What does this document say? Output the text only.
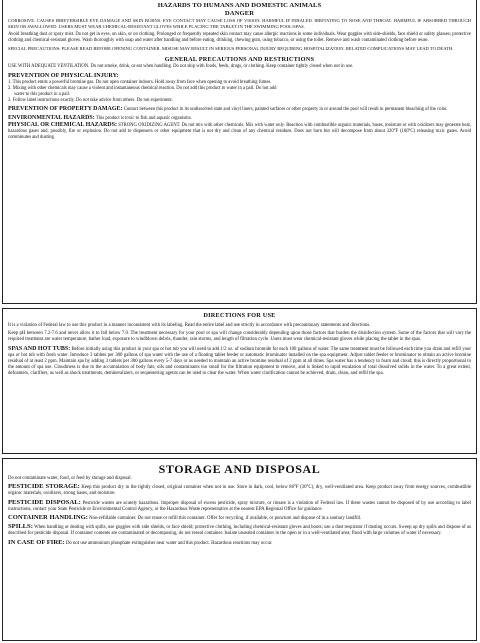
HAZARDS TO HUMANS AND DOMESTIC ANIMALS
DANGER

CORROSIVE. CAUSES IRREVERSIBLE EYE DAMAGE AND SKIN BURNS. EYE CONTACT MAY CAUSE LOSS OF VISION. HARMFUL IF INHALED. IRRITATING TO NOSE AND THROAT. HARMFUL IF ABSORBED THROUGH SKIN OR SWALLOWED. USERS MUST WEAR CHEMICAL-RESISTANT GLOVES WHILE PLACING THE TABLET IN THE SWIMMING POOL/SPAS.

Avoid breathing dust or spray mist. Do not get in eyes, on skin, or on clothing. Prolonged or frequently repeated skin contact may cause allergic reactions in some individuals. Wear goggles with side-shields, face shield or safety glasses; protective clothing and chemical-resistant gloves. Wash thoroughly with soap and water after handling and before eating, drinking, chewing gum, using tobacco, or using the toilet. Remove and wash contaminated clothing before reuse.

SPECIAL PRECAUTIONS: PLEASE READ BEFORE OPENING CONTAINER. MISUSE MAY RESULT IN SERIOUS PERSONAL INJURY REQUIRING HOSPITALIZATION. RELATED COMPLICATIONS MAY LEAD TO DEATH.

GENERAL PRECAUTIONS AND RESTRICTIONS

USE WITH ADEQUATE VENTILATION. Do not smoke, drink, or eat when handling. Do not ship with foods, feeds, drugs, or clothing. Keep container tightly closed when not in use.

PREVENTION OF PHYSICAL INJURY:

1. This product emits a powerful bromine gas. Do not open container indoors. Hold away from face when opening to avoid breathing fumes.

2. Mixing with other chemicals may cause a violent and instantaneous chemical reaction. Do not add this product to water in a pail. Do not add

water to this product in a pail.

3. Follow label instructions exactly. Do not take advice from others. Do not experiment.

PREVENTION OF PROPERTY DAMAGE: Contact between this product in its undissolved state and vinyl liners, painted surfaces or other property in or around the pool will result in permanent bleaching of the color.

ENVIRONMENTAL HAZARDS: This product is toxic to fish and aquatic organisms.

PHYSICAL OR CHEMICAL HAZARDS: STRONG OXIDIZING AGENT. Do not mix with other chemicals. Mix with water only. Reaction with combustible organic materials, bases, moisture or with oxidizers may generate heat, hazardous gases and, possibly, fire or explosion. Do not add to dispensers or other equipment that is not dry and clean of any chemical residues. Does not burn but will decompose from about 320°F (160°C) releasing toxic gases. Avoid comminutes and dusting.

DIRECTIONS FOR USE

It is a violation of Federal law to use this product in a manner inconsistent with its labeling. Read the entire label and use strictly in accordance with precautionary statements and directions.

Keep pH between 7.2-7.6 and never allow it to fall below 7.0. The treatment necessary for your pool or spa will change considerably depending upon those factors that burden the disinfection system. Some of the factors that will vary the required treatment are water temperature, bather load, exposure to windblown debris, thunder, rain storms, and length of filtration cycle. Users must wear chemical-resistant gloves while placing the tablet in the spas.

SPAS AND HOT TUBS: Before initially using this product in your spa or hot tub you will need to add 1/2 oz. of sodium bromide for each 100 gallons of water. The same treatment must be followed each time you drain and refill your spa or hot tub with fresh water. Introduce 3 tablets per 300 gallons of spa water with the use of a floating tablet feeder or automatic brominator installed on the spa equipment. Adjust tablet feeder or brominator to obtain an active bromine residual of at least 2 ppm. Maintain spa by adding 3 tablets per 300 gallons every 5-7 days or as needed to maintain an active bromine residual of 2 ppm at all times. Spa water has a tendency to foam and cloud; this is directly proportional to the amount of spa use. Cloudiness is due to the accumulation of body fats, oils and contaminants too small for the filtration equipment to remove, and is linked to rapid escalation of total dissolved solids in the water. To a great extent, defoamers, clarifiers, as well as shock treatments, demineralizers, or sequestering agents can be used to clear the water. When water clarification cannot be achieved, drain, clean, and refill the spa.

STORAGE AND DISPOSAL

Do not contaminate water, food, or feed by storage and disposal.

PESTICIDE STORAGE: Keep this product dry in the tightly closed, original container when not in use. Store in dark, cool, below 86°F (30°C), dry, well-ventilated area. Keep product away from energy sources, combustible organic materials, oxidizers, strong bases, and moisture.

PESTICIDE DISPOSAL: Pesticide wastes are acutely hazardous. Improper disposal of excess pesticide, spray mixture, or rinsate is a violation of Federal law. If these wastes cannot be disposed of by use according to label instructions, contact your State Pesticide or Environmental Control Agency, or the Hazardous Waste representative at the nearest EPA Regional Office for guidance.

CONTAINER HANDLING: Non-refillable container. Do not reuse or refill this container. Offer for recycling, if available, or puncture and dispose of in a sanitary landfill.

SPILLS: When handling or dealing with spills, use goggles with side shields, or face shield; protective clothing, including chemical-resistant gloves and boots; use a dust respirator if dusting occurs. Sweep up dry spills and dispose of as described for pesticide disposal. If container contents are contaminated or decomposing, do not reseal container. Isolate unsealed container in the open or in a well-ventilated area; flood with large volumes of water if necessary.

IN CASE OF FIRE: Do not use ammonium phosphate extinguisher near water and this product. Hazardous reactions may occur.
